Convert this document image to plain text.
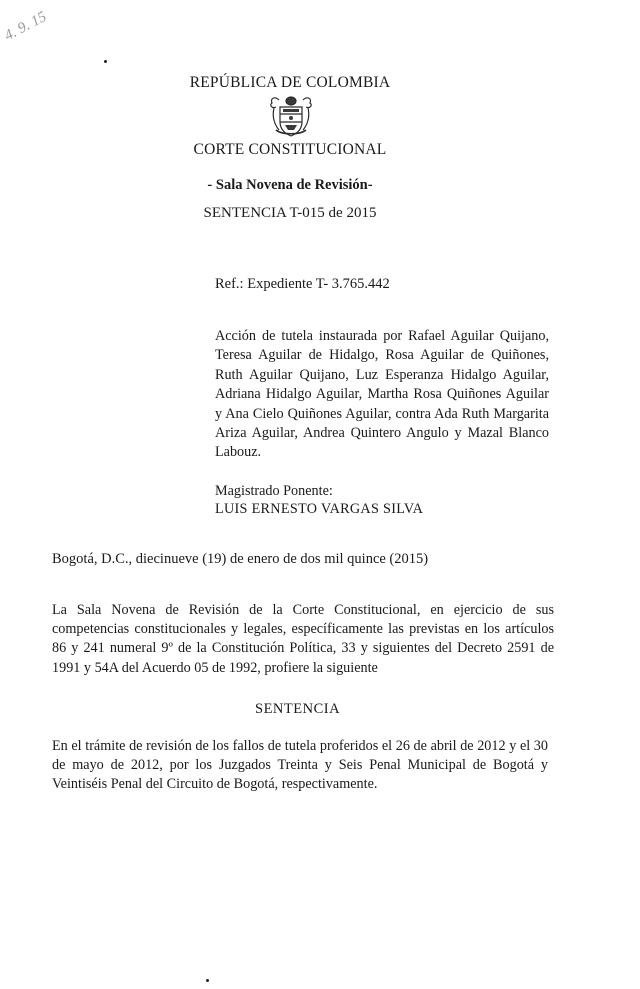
4. 9. 15
REPÚBLICA DE COLOMBIA
CORTE CONSTITUCIONAL
- Sala Novena de Revisión-
SENTENCIA T-015 de 2015
Ref.: Expediente T- 3.765.442
Acción de tutela instaurada por Rafael Aguilar Quijano, Teresa Aguilar de Hidalgo, Rosa Aguilar de Quiñones, Ruth Aguilar Quijano, Luz Esperanza Hidalgo Aguilar, Adriana Hidalgo Aguilar, Martha Rosa Quiñones Aguilar y Ana Cielo Quiñones Aguilar, contra Ada Ruth Margarita Ariza Aguilar, Andrea Quintero Angulo y Mazal Blanco Labouz.
Magistrado Ponente:
LUIS ERNESTO VARGAS SILVA
Bogotá, D.C., diecinueve (19) de enero de dos mil quince (2015)
La Sala Novena de Revisión de la Corte Constitucional, en ejercicio de sus competencias constitucionales y legales, específicamente las previstas en los artículos 86 y 241 numeral 9º de la Constitución Política, 33 y siguientes del Decreto 2591 de 1991 y 54A del Acuerdo 05 de 1992, profiere la siguiente
SENTENCIA
En el trámite de revisión de los fallos de tutela proferidos el 26 de abril de 2012 y el 30 de mayo de 2012, por los Juzgados Treinta y Seis Penal Municipal de Bogotá y Veintiséis Penal del Circuito de Bogotá, respectivamente.
